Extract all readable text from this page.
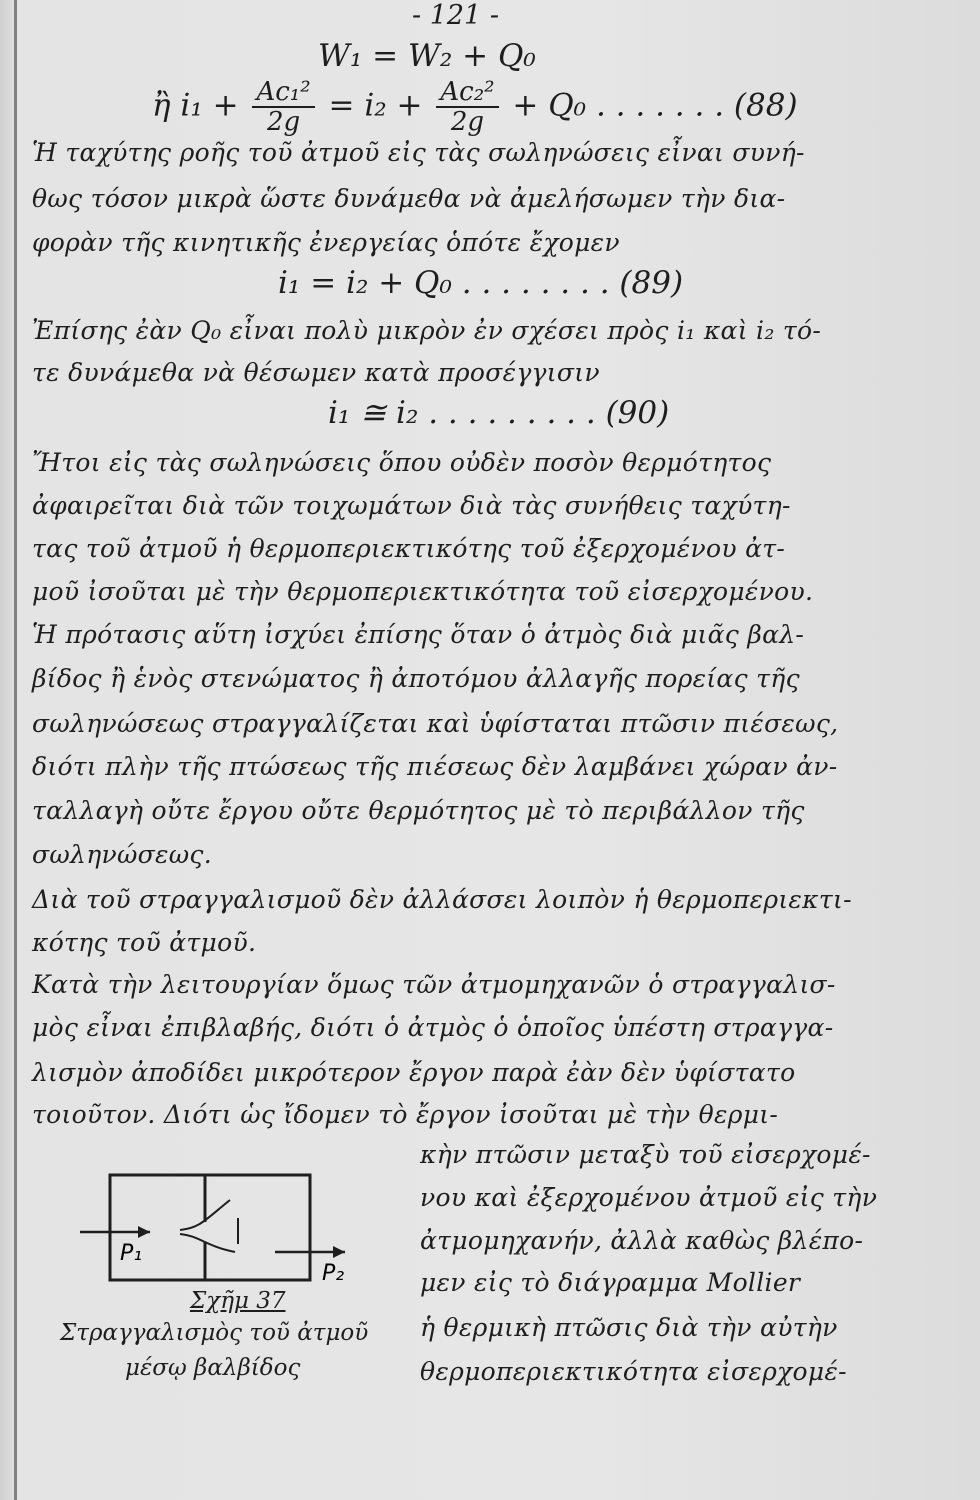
- 121 -
W₁ = W₂ + Q₀
ἢ $i_1 + \frac{\text{Ac₁²}}{2g} = i_2 + \frac{\text{Ac₂²}}{2g} + Q_0$ . . . . . . . (88)
Ἡ ταχύτης ροῆς τοῦ ἀτμοῦ εἰς τὰς σωληνώσεις εἶναι συνή-
θως τόσον μικρὰ ὥστε δυνάμεθα νὰ ἀμελήσωμεν τὴν δια-
φορὰν τῆς κινητικῆς ἐνεργείας ὁπότε ἔχομεν
i₁ = i₂ + Q₀ . . . . . . . . (89)
Ἐπίσης ἐὰν Q₀ εἶναι πολὺ μικρὸν ἐν σχέσει πρὸς i₁ καὶ i₂ τό-
τε δυνάμεθα νὰ θέσωμεν κατὰ προσέγγισιν
i₁ ≅ i₂ . . . . . . . . . (90)
Ἤτοι εἰς τὰς σωληνώσεις ὅπου οὐδὲν ποσὸν θερμότητος
ἀφαιρεῖται διὰ τῶν τοιχωμάτων διὰ τὰς συνήθεις ταχύτη-
τας τοῦ ἀτμοῦ ἡ θερμοπεριεκτικότης τοῦ ἐξερχομένου ἀτ-
μοῦ ἰσοῦται μὲ τὴν θερμοπεριεκτικότητα τοῦ εἰσερχομένου.
Ἡ πρότασις αὕτη ἰσχύει ἐπίσης ὅταν ὁ ἀτμὸς διὰ μιᾶς βαλ-
βίδος ἢ ἑνὸς στενώματος ἢ ἀποτόμου ἀλλαγῆς πορείας τῆς
σωληνώσεως στραγγαλίζεται καὶ ὑφίσταται πτῶσιν πιέσεως,
διότι πλὴν τῆς πτώσεως τῆς πιέσεως δὲν λαμβάνει χώραν ἀν-
ταλλαγὴ οὔτε ἔργου οὔτε θερμότητος μὲ τὸ περιβάλλον τῆς
σωληνώσεως.
Διὰ τοῦ στραγγαλισμοῦ δὲν ἀλλάσσει λοιπὸν ἡ θερμοπεριεκτι-
κότης τοῦ ἀτμοῦ.
Κατὰ τὴν λειτουργίαν ὅμως τῶν ἀτμομηχανῶν ὁ στραγγαλισ-
μὸς εἶναι ἐπιβλαβής, διότι ὁ ἀτμὸς ὁ ὁποῖος ὑπέστη στραγγα-
λισμὸν ἀποδίδει μικρότερον ἔργον παρὰ ἐὰν δὲν ὑφίστατο
τοιοῦτον. Διότι ὡς ἴδομεν τὸ ἔργον ἰσοῦται μὲ τὴν θερμι-
κὴν πτῶσιν μεταξὺ τοῦ εἰσερχομέ-
νου καὶ ἐξερχομένου ἀτμοῦ εἰς τὴν
ἀτμομηχανήν, ἀλλὰ καθὼς βλέπο-
μεν εἰς τὸ διάγραμμα Mollier
ἡ θερμικὴ πτῶσις διὰ τὴν αὐτὴν
θερμοπεριεκτικότητα εἰσερχομέ-
P₁
P₂
Σχῆμ 37
Στραγγαλισμὸς τοῦ ἀτμοῦ
μέσῳ βαλβίδος
